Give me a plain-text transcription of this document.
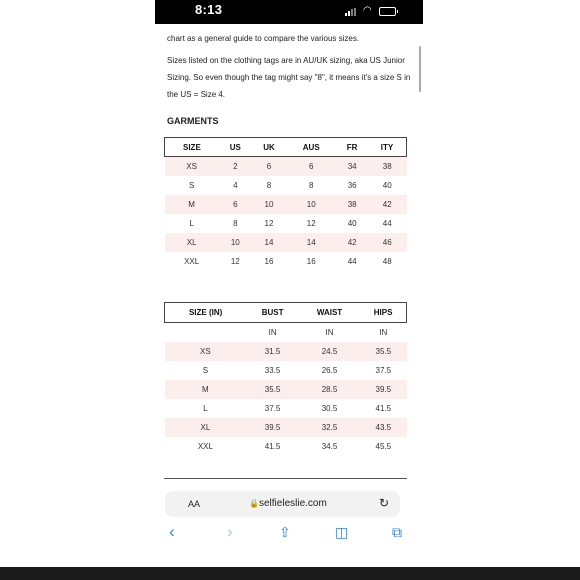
8:13	◠

chart as a general guide to compare the various sizes.

Sizes listed on the clothing tags are in AU/UK sizing, aka US Junior Sizing. So even though the tag might say "8", it means it's a size S in the US = Size 4.

GARMENTS
SIZE	US	UK	AUS	FR	ITY
XS	2	6	6	34	38
S	4	8	8	36	40
M	6	10	10	38	42
L	8	12	12	40	44
XL	10	14	14	42	46
XXL	12	16	16	44	48
SIZE (IN)	BUST	WAIST	HIPS
	IN	IN	IN
XS	31.5	24.5	35.5
S	33.5	26.5	37.5
M	35.5	28.5	39.5
L	37.5	30.5	41.5
XL	39.5	32.5	43.5
XXL	41.5	34.5	45.5
AA	🔒 selfieleslie.com	↻
‹	›	⇪	◫	⧉
